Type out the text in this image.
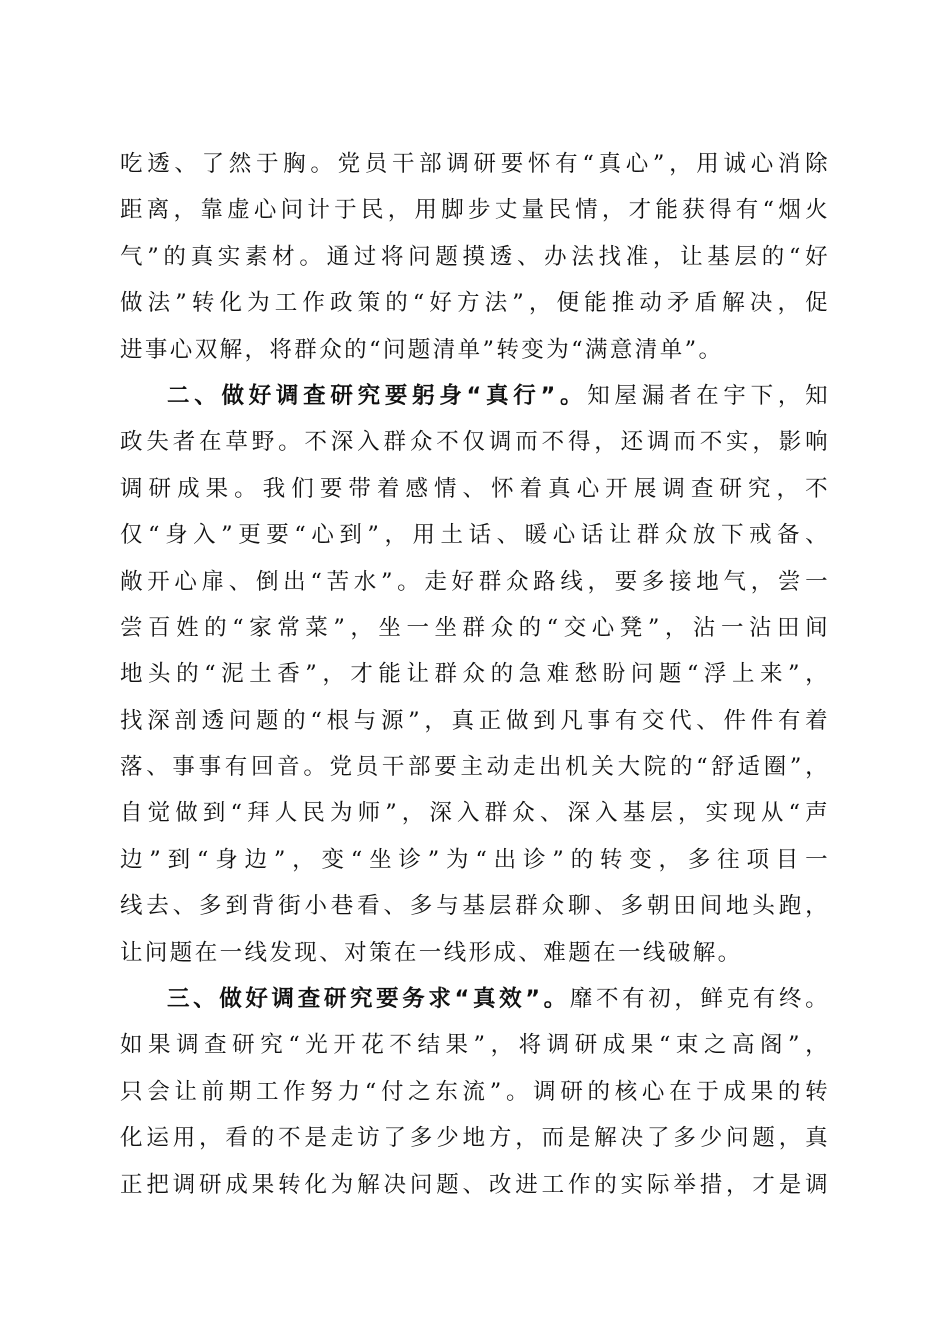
吃透、了然于胸。党员干部调研要怀有“真心”，用诚心消除
距离，靠虚心问计于民，用脚步丈量民情，才能获得有“烟火
气”的真实素材。通过将问题摸透、办法找准，让基层的“好
做法”转化为工作政策的“好方法”，便能推动矛盾解决，促
进事心双解，将群众的“问题清单”转变为“满意清单”。
二、做好调查研究要躬身“真行”。知屋漏者在宇下，知
政失者在草野。不深入群众不仅调而不得，还调而不实，影响
调研成果。我们要带着感情、怀着真心开展调查研究，不
仅“身入”更要“心到”，用土话、暖心话让群众放下戒备、
敞开心扉、倒出“苦水”。走好群众路线，要多接地气，尝一
尝百姓的“家常菜”，坐一坐群众的“交心凳”，沾一沾田间
地头的“泥土香”，才能让群众的急难愁盼问题“浮上来”，
找深剖透问题的“根与源”，真正做到凡事有交代、件件有着
落、事事有回音。党员干部要主动走出机关大院的“舒适圈”，
自觉做到“拜人民为师”，深入群众、深入基层，实现从“声
边”到“身边”，变“坐诊”为“出诊”的转变，多往项目一
线去、多到背街小巷看、多与基层群众聊、多朝田间地头跑，
让问题在一线发现、对策在一线形成、难题在一线破解。
三、做好调查研究要务求“真效”。靡不有初，鲜克有终。
如果调查研究“光开花不结果”，将调研成果“束之高阁”，
只会让前期工作努力“付之东流”。调研的核心在于成果的转
化运用，看的不是走访了多少地方，而是解决了多少问题，真
正把调研成果转化为解决问题、改进工作的实际举措，才是调
